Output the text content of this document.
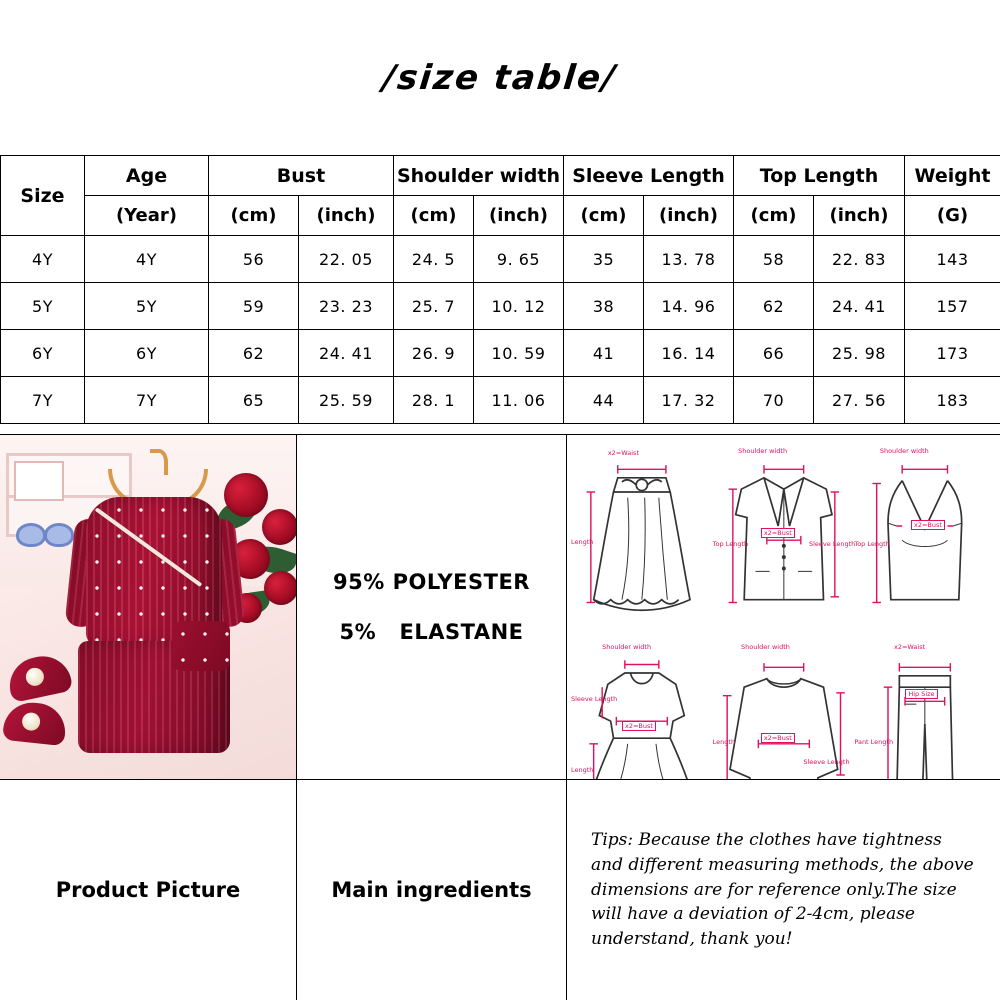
/size table/
Size	Age	Bust		Shoulder width		Sleeve Length		Top Length		Weight
	(Year)	(cm)	(inch)	(cm)	(inch)	(cm)	(inch)	(cm)	(inch)	(G)
4Y	4Y	56	22. 05	24. 5	9. 65	35	13. 78	58	22. 83	143
5Y	5Y	59	23. 23	25. 7	10. 12	38	14. 96	62	24. 41	157
6Y	6Y	62	24. 41	26. 9	10. 59	41	16. 14	66	25. 98	173
7Y	7Y	65	25. 59	28. 1	11. 06	44	17. 32	70	27. 56	183
Product Picture
95% POLYESTER
5%   ELASTANE
Main ingredients
x2=Waist
Length
Shoulder width
Top Length	Sleeve Length
x2=Bust
Shoulder width
Top Length
x2=Bust
Shoulder width
Sleeve Length
x2=Bust
Length
Shoulder width
Length
x2=Bust
Sleeve Length
x2=Waist
Hip Size
Pant Length
Tips: Because the clothes have tightness and different measuring methods, the above dimensions are for reference only.The size will have a deviation of 2-4cm, please understand, thank you!
